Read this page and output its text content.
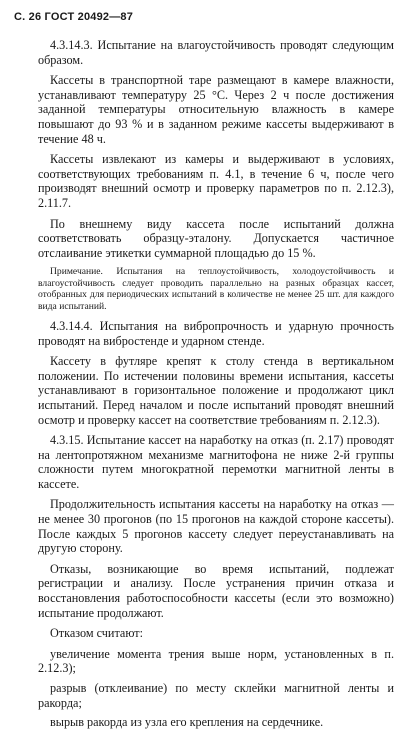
С. 26 ГОСТ 20492—87

4.3.14.3. Испытание на влагоустойчивость проводят следующим образом.

Кассеты в транспортной таре размещают в камере влажности, устанавливают температуру 25 °С. Через 2 ч после достижения заданной температуры относительную влажность в камере повышают до 93 % и в заданном режиме кассеты выдерживают в течение 48 ч.

Кассеты извлекают из камеры и выдерживают в условиях, соответствующих требованиям п. 4.1, в течение 6 ч, после чего производят внешний осмотр и проверку параметров по п. 2.12.3), 2.11.7.

По внешнему виду кассета после испытаний должна соответствовать образцу-эталону. Допускается частичное отслаивание этикетки суммарной площадью до 15 %.

Примечание. Испытания на теплоустойчивость, холодоустойчивость и влагоустойчивость следует проводить параллельно на разных образцах кассет, отобранных для периодических испытаний в количестве не менее 25 шт. для каждого вида испытаний.

4.3.14.4. Испытания на вибропрочность и ударную прочность проводят на вибростенде и ударном стенде.

Кассету в футляре крепят к столу стенда в вертикальном положении. По истечении половины времени испытания, кассеты устанавливают в горизонтальное положение и продолжают цикл испытаний. Перед началом и после испытаний проводят внешний осмотр и проверку кассет на соответствие требованиям п. 2.12.3).

4.3.15. Испытание кассет на наработку на отказ (п. 2.17) проводят на лентопротяжном механизме магнитофона не ниже 2-й группы сложности путем многократной перемотки магнитной ленты в кассете.

Продолжительность испытания кассеты на наработку на отказ — не менее 30 прогонов (по 15 прогонов на каждой стороне кассеты). После каждых 5 прогонов кассету следует переустанавливать на другую сторону.

Отказы, возникающие во время испытаний, подлежат регистрации и анализу. После устранения причин отказа и восстановления работоспособности кассеты (если это возможно) испытание продолжают.

Отказом считают:

увеличение момента трения выше норм, установленных в п. 2.12.3);

разрыв (отклеивание) по месту склейки магнитной ленты и ракорда;

вырыв ракорда из узла его крепления на сердечнике.
